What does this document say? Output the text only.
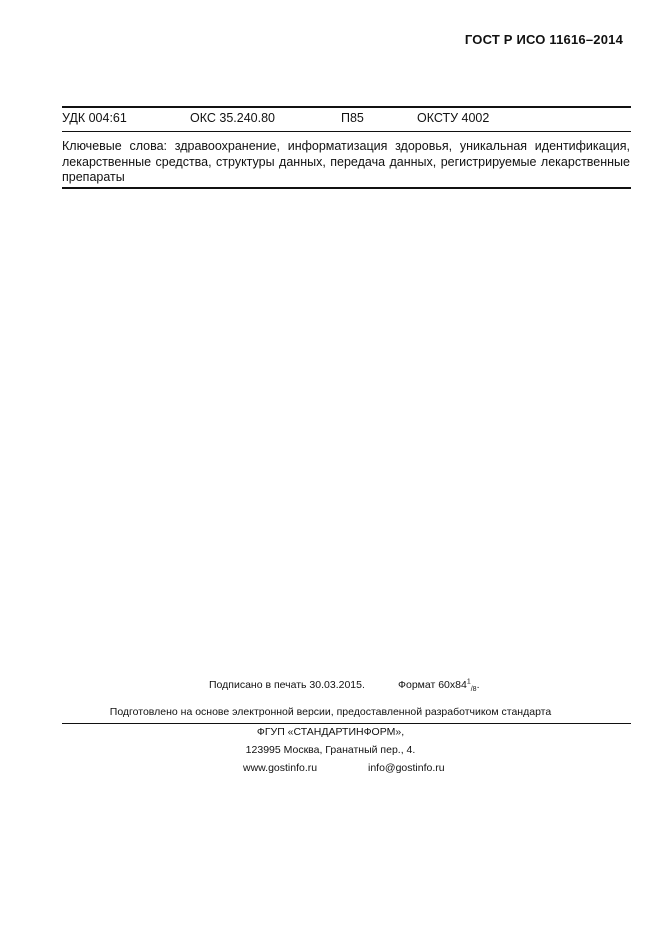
ГОСТ Р ИСО 11616–2014
УДК 004:61	ОКС 35.240.80	П85	ОКСТУ 4002
Ключевые слова: здравоохранение, информатизация здоровья, уникальная идентификация, лекарственные средства, структуры данных, передача данных, регистрируемые лекарственные препараты
Подписано в печать 30.03.2015.	Формат $60х84^1_{/8}$.
Подготовлено на основе электронной версии, предоставленной разработчиком стандарта
ФГУП «СТАНДАРТИНФОРМ»,
123995 Москва, Гранатный пер., 4.
www.gostinfo.ru	info@gostinfo.ru
